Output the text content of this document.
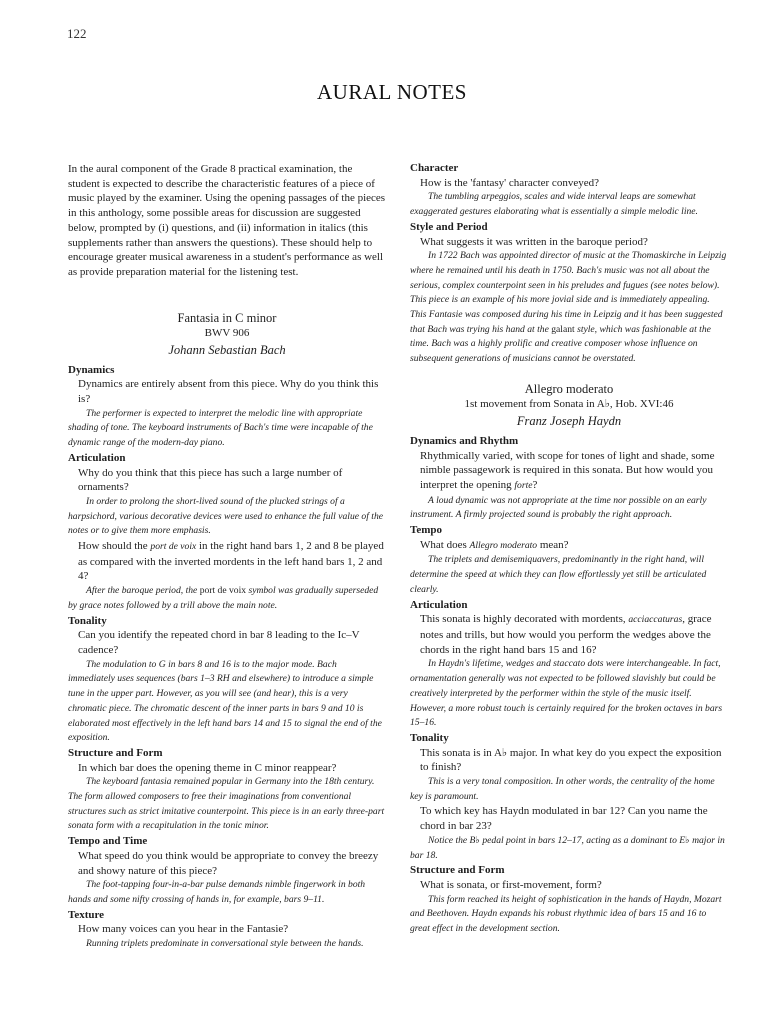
122
AURAL NOTES

In the aural component of the Grade 8 practical examination, the student is expected to describe the characteristic features of a piece of music played by the examiner. Using the opening passages of the pieces in this anthology, some possible areas for discussion are suggested below, prompted by (i) questions, and (ii) information in italics (this supplements rather than answers the questions). These should help to encourage greater musical awareness in a student's performance as well as provide preparation material for the listening test.

Fantasia in C minor
BWV 906
Johann Sebastian Bach

Dynamics

Dynamics are entirely absent from this piece. Why do you think this is?

The performer is expected to interpret the melodic line with appropriate shading of tone. The keyboard instruments of Bach's time were incapable of the dynamic range of the modern-day piano.

Articulation

Why do you think that this piece has such a large number of ornaments?

In order to prolong the short-lived sound of the plucked strings of a harpsichord, various decorative devices were used to enhance the full value of the notes or to give them more emphasis.

How should the port de voix in the right hand bars 1, 2 and 8 be played as compared with the inverted mordents in the left hand bars 1, 2 and 4?

After the baroque period, the port de voix symbol was gradually superseded by grace notes followed by a trill above the main note.

Tonality

Can you identify the repeated chord in bar 8 leading to the Ic–V cadence?

The modulation to G in bars 8 and 16 is to the major mode. Bach immediately uses sequences (bars 1–3 RH and elsewhere) to introduce a simple tune in the upper part. However, as you will see (and hear), this is a very chromatic piece. The chromatic descent of the inner parts in bars 9 and 10 is elaborated most effectively in the left hand bars 14 and 15 to signal the end of the exposition.

Structure and Form

In which bar does the opening theme in C minor reappear?

The keyboard fantasia remained popular in Germany into the 18th century. The form allowed composers to free their imaginations from conventional structures such as strict imitative counterpoint. This piece is in an early three-part sonata form with a recapitulation in the tonic minor.

Tempo and Time

What speed do you think would be appropriate to convey the breezy and showy nature of this piece?

The foot-tapping four-in-a-bar pulse demands nimble fingerwork in both hands and some nifty crossing of hands in, for example, bars 9–11.

Texture

How many voices can you hear in the Fantasie?

Running triplets predominate in conversational style between the hands.

Character

How is the 'fantasy' character conveyed?

The tumbling arpeggios, scales and wide interval leaps are somewhat exaggerated gestures elaborating what is essentially a simple melodic line.

Style and Period

What suggests it was written in the baroque period?

In 1722 Bach was appointed director of music at the Thomaskirche in Leipzig where he remained until his death in 1750. Bach's music was not all about the serious, complex counterpoint seen in his preludes and fugues (see notes below). This piece is an example of his more jovial side and is immediately appealing. This Fantasie was composed during his time in Leipzig and it has been suggested that Bach was trying his hand at the galant style, which was fashionable at the time. Bach was a highly prolific and creative composer whose influence on subsequent generations of musicians cannot be overstated.

Allegro moderato
1st movement from Sonata in A♭, Hob. XVI:46
Franz Joseph Haydn

Dynamics and Rhythm

Rhythmically varied, with scope for tones of light and shade, some nimble passagework is required in this sonata. But how would you interpret the opening forte?

A loud dynamic was not appropriate at the time nor possible on an early instrument. A firmly projected sound is probably the right approach.

Tempo

What does Allegro moderato mean?

The triplets and demisemiquavers, predominantly in the right hand, will determine the speed at which they can flow effortlessly yet still be articulated clearly.

Articulation

This sonata is highly decorated with mordents, acciaccaturas, grace notes and trills, but how would you perform the wedges above the chords in the right hand bars 15 and 16?

In Haydn's lifetime, wedges and staccato dots were interchangeable. In fact, ornamentation generally was not expected to be followed slavishly but could be creatively interpreted by the performer within the style of the music itself. However, a more robust touch is certainly required for the broken octaves in bars 15–16.

Tonality

This sonata is in A♭ major. In what key do you expect the exposition to finish?

This is a very tonal composition. In other words, the centrality of the home key is paramount.

To which key has Haydn modulated in bar 12? Can you name the chord in bar 23?

Notice the B♭ pedal point in bars 12–17, acting as a dominant to E♭ major in bar 18.

Structure and Form

What is sonata, or first-movement, form?

This form reached its height of sophistication in the hands of Haydn, Mozart and Beethoven. Haydn expands his robust rhythmic idea of bars 15 and 16 to great effect in the development section.
